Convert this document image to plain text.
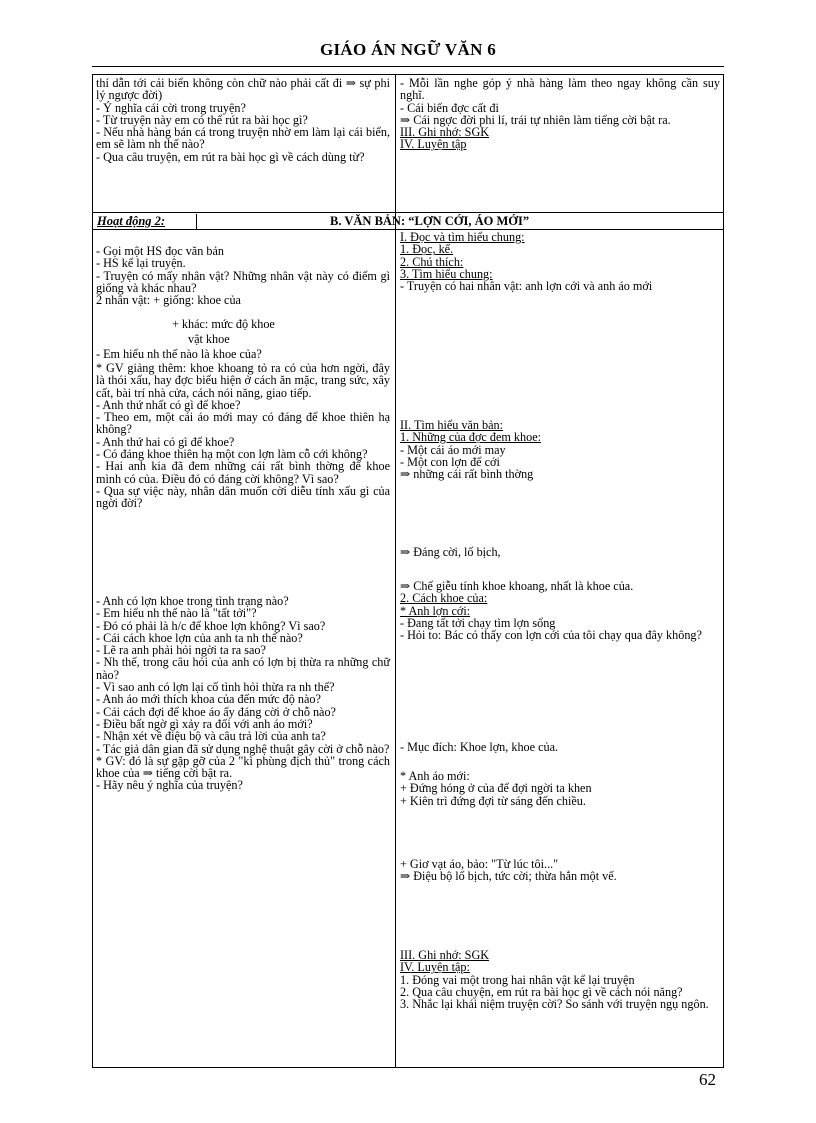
GIÁO ÁN NGỮ VĂN 6

thí dẫn tới cái biển không còn chữ nào phải cất đi ⇒ sự phi lý ngược đời)

- Ý nghĩa cái cời trong truyện?

- Từ truyện này em có thể rút ra bài học gì?

- Nếu nhà hàng bán cá trong truyện nhờ em làm lại cái biển, em sẽ làm nh thế nào?

- Qua câu truyện, em rút ra bài học gì về cách dùng từ?

- Mỗi lần nghe góp ý nhà hàng làm theo ngay không cần suy nghĩ.

- Cái biển đợc cất đi

⇒ Cái ngợc đời phi lí, trái tự nhiên làm tiếng cời bật ra.

III. Ghi nhớ: SGK

IV. Luyện tập

Hoạt động 2:	B. VĂN BẢN: “LỢN CỚI, ÁO MỚI”

- Gọi một HS đọc văn bản

- HS kể lại truyện.

- Truyện có mấy nhân vật? Những nhân vật này có điểm gì giống và khác nhau?

2 nhân vật: + giống: khoe của

+ khác: mức độ khoe

vật khoe

- Em hiểu nh thế nào là khoe của?

* GV giảng thêm: khoe khoang tỏ ra có của hơn ngời, đây là thói xấu, hay đợc biểu hiện ở cách ăn mặc, trang sức, xây cất, bài trí nhà cửa, cách nói năng, giao tiếp.

- Anh thứ nhất có gì để khoe?

- Theo em, một cái áo mới may có đáng để khoe thiên hạ không?

- Anh thứ hai có gì để khoe?

- Có đáng khoe thiên hạ một con lợn làm cỗ cới không?

- Hai anh kia đã đem những cái rất bình thờng để khoe mình có của. Điều đó có đáng cời không? Vì sao?

- Qua sự việc này, nhân dân muốn cời diễu tính xấu gì của ngời đời?

- Anh có lợn khoe trong tình trạng nào?

- Em hiểu nh thế nào là "tất tởi"?

- Đó có phải là h/c để khoe lợn không? Vì sao?

- Cái cách khoe lợn của anh ta nh thế nào?

- Lẽ ra anh phải hỏi ngời ta ra sao?

- Nh thế, trong câu hỏi của anh có lợn bị thừa ra những chữ nào?

- Vì sao anh có lợn lại cố tình hỏi thừa ra nh thế?

- Anh áo mới thích khoa của đến mức độ nào?

- Cái cách đợi để khoe áo ấy đáng cời ở chỗ nào?

- Điều bất ngờ gì xảy ra đối với anh áo mới?

- Nhận xét về điệu bộ và câu trả lời của anh ta?

- Tác giả dân gian đã sử dụng nghệ thuật gây cời ở chỗ nào?

* GV: đó là sự gặp gỡ của 2 "kì phùng địch thủ" trong cách khoe của ⇒ tiếng cời bật ra.

- Hãy nêu ý nghĩa của truyện?

I. Đọc và tìm hiểu chung:

1. Đọc, kể.

2. Chú thích:

3. Tìm hiểu chung:

- Truyện có hai nhân vật: anh lợn cới và anh áo mới

II. Tìm hiểu văn bản:

1. Những của đợc đem khoe:

- Một cái áo mới may

- Một con lợn để cới

⇒ những cái rất bình thờng

⇒ Đáng cời, lố bịch,

⇒ Chế giễu tính khoe khoang, nhất là khoe của.

2. Cách khoe của:

* Anh lợn cới:

- Đang tất tởi chạy tìm lợn sổng

- Hỏi to: Bác có thấy con lợn cới của tôi chạy qua đây không?

- Mục đích: Khoe lợn, khoe của.

* Anh áo mới:

+ Đứng hóng ở của để đợi ngời ta khen

+ Kiên trì đứng đợi từ sáng đến chiều.

+ Giơ vạt áo, bảo: "Từ lúc tôi..."

⇒ Điệu bộ lố bịch, tức cời; thừa hẳn một vế.

III. Ghi nhớ: SGK

IV. Luyện tập:

1. Đóng vai một trong hai nhân vật kể lại truyện

2. Qua câu chuyện, em rút ra bài học gì về cách nói năng?

3. Nhắc lại khái niệm truyện cời? So sánh với truyện ngụ ngôn.

62
